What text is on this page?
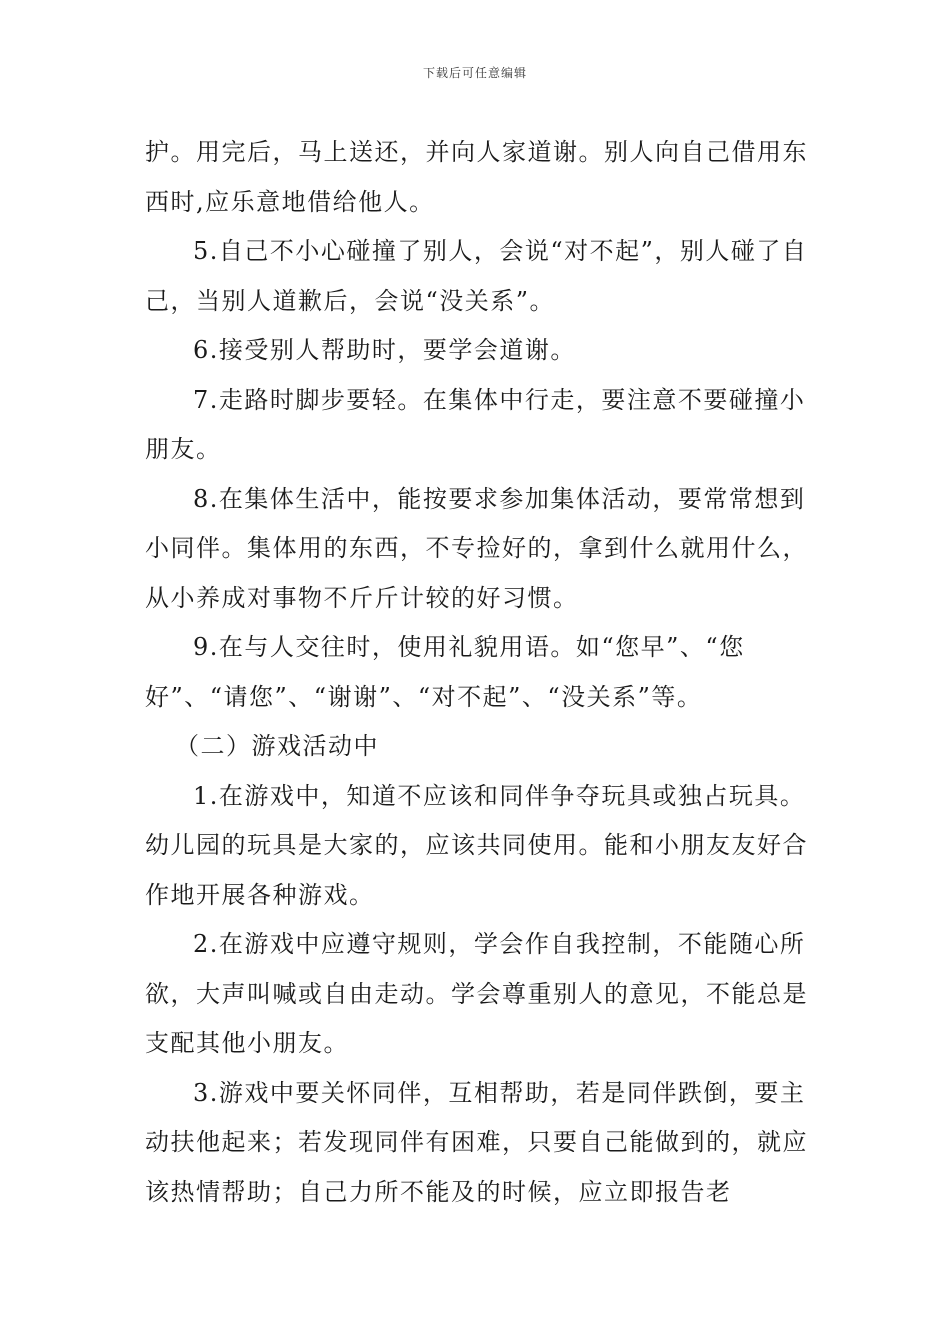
下载后可任意编辑

护。用完后，马上送还，并向人家道谢。别人向自己借用东西时,应乐意地借给他人。

5.自己不小心碰撞了别人，会说“对不起”，别人碰了自己，当别人道歉后，会说“没关系”。

6.接受别人帮助时，要学会道谢。

7.走路时脚步要轻。在集体中行走，要注意不要碰撞小朋友。

8.在集体生活中，能按要求参加集体活动，要常常想到小同伴。集体用的东西，不专捡好的，拿到什么就用什么，从小养成对事物不斤斤计较的好习惯。

9.在与人交往时，使用礼貌用语。如“您早”、“您好”、“请您”、“谢谢”、“对不起”、“没关系”等。

（二）游戏活动中

1.在游戏中，知道不应该和同伴争夺玩具或独占玩具。幼儿园的玩具是大家的，应该共同使用。能和小朋友友好合作地开展各种游戏。

2.在游戏中应遵守规则，学会作自我控制，不能随心所欲，大声叫喊或自由走动。学会尊重别人的意见，不能总是支配其他小朋友。

3.游戏中要关怀同伴，互相帮助，若是同伴跌倒，要主动扶他起来；若发现同伴有困难，只要自己能做到的，就应该热情帮助；自己力所不能及的时候，应立即报告老
